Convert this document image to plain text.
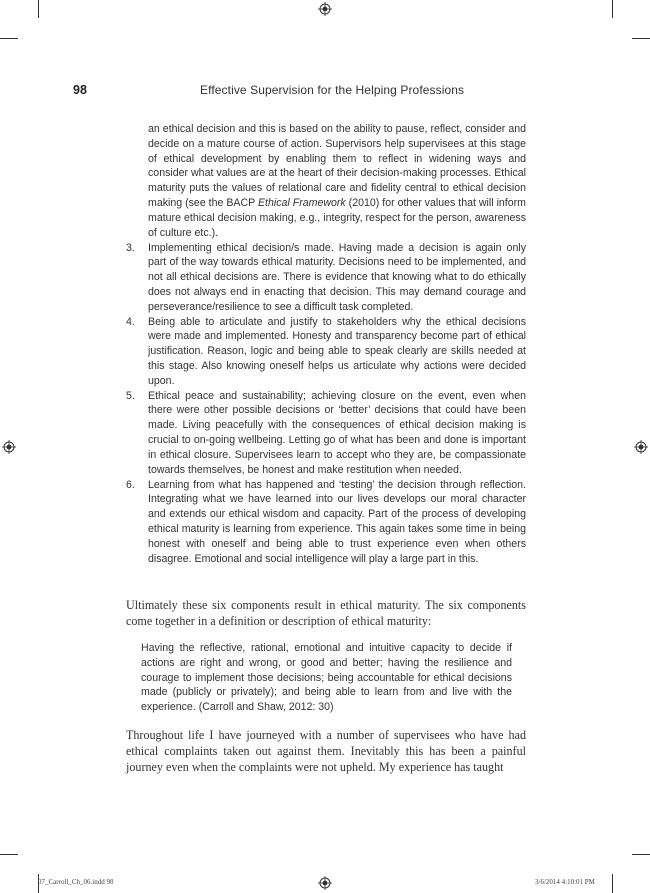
98	Effective Supervision for the Helping Professions

an ethical decision and this is based on the ability to pause, reflect, consider and decide on a mature course of action. Supervisors help supervisees at this stage of ethical development by enabling them to reflect in widening ways and consider what values are at the heart of their decision-making processes. Ethical maturity puts the values of relational care and fidelity central to ethical decision making (see the BACP Ethical Framework (2010) for other values that will inform mature ethical decision making, e.g., integrity, respect for the person, awareness of culture etc.).

3. Implementing ethical decision/s made. Having made a decision is again only part of the way towards ethical maturity. Decisions need to be implemented, and not all ethical decisions are. There is evidence that knowing what to do ethically does not always end in enacting that decision. This may demand courage and perseverance/resilience to see a difficult task completed.
4. Being able to articulate and justify to stakeholders why the ethical decisions were made and implemented. Honesty and transparency become part of ethical justification. Reason, logic and being able to speak clearly are skills needed at this stage. Also knowing oneself helps us articulate why actions were decided upon.
5. Ethical peace and sustainability; achieving closure on the event, even when there were other possible decisions or ‘better’ decisions that could have been made. Living peacefully with the consequences of ethical decision making is crucial to on-going wellbeing. Letting go of what has been and done is important in ethical closure. Supervisees learn to accept who they are, be compassionate towards themselves, be honest and make restitution when needed.
6. Learning from what has happened and ‘testing’ the decision through reflection. Integrating what we have learned into our lives develops our moral character and extends our ethical wisdom and capacity. Part of the process of developing ethical maturity is learning from experience. This again takes some time in being honest with oneself and being able to trust experience even when others disagree. Emotional and social intelligence will play a large part in this.
Ultimately these six components result in ethical maturity. The six components come together in a definition or description of ethical maturity:
Having the reflective, rational, emotional and intuitive capacity to decide if actions are right and wrong, or good and better; having the resilience and courage to implement those decisions; being accountable for ethical decisions made (publicly or privately); and being able to learn from and live with the experience. (Carroll and Shaw, 2012: 30)
Throughout life I have journeyed with a number of supervisees who have had ethical complaints taken out against them. Inevitably this has been a painful journey even when the complaints were not upheld. My experience has taught
07_Carroll_Ch_06.indd 98	3/6/2014 4:10:01 PM
